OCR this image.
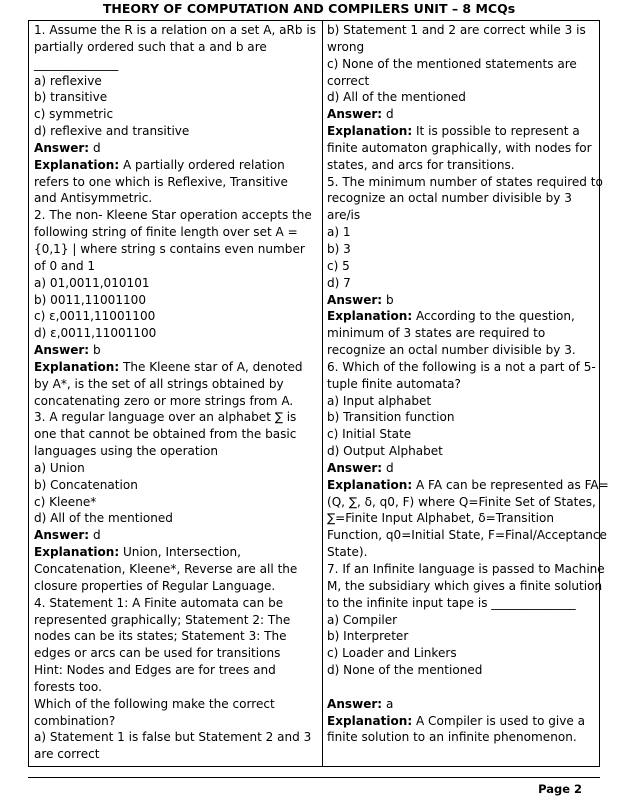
THEORY OF COMPUTATION AND COMPILERS UNIT – 8 MCQs
1. Assume the R is a relation on a set A, aRb is
partially ordered such that a and b are
______________
a) reflexive
b) transitive
c) symmetric
d) reflexive and transitive
Answer: d
Explanation: A partially ordered relation
refers to one which is Reflexive, Transitive
and Antisymmetric.
2. The non- Kleene Star operation accepts the
following string of finite length over set A =
{0,1} | where string s contains even number
of 0 and 1
a) 01,0011,010101
b) 0011,11001100
c) ε,0011,11001100
d) ε,0011,11001100
Answer: b
Explanation: The Kleene star of A, denoted
by A*, is the set of all strings obtained by
concatenating zero or more strings from A.
3. A regular language over an alphabet ∑ is
one that cannot be obtained from the basic
languages using the operation
a) Union
b) Concatenation
c) Kleene*
d) All of the mentioned
Answer: d
Explanation: Union, Intersection,
Concatenation, Kleene*, Reverse are all the
closure properties of Regular Language.
4. Statement 1: A Finite automata can be
represented graphically; Statement 2: The
nodes can be its states; Statement 3: The
edges or arcs can be used for transitions
Hint: Nodes and Edges are for trees and
forests too.
Which of the following make the correct
combination?
a) Statement 1 is false but Statement 2 and 3
are correct
b) Statement 1 and 2 are correct while 3 is
wrong
c) None of the mentioned statements are
correct
d) All of the mentioned
Answer: d
Explanation: It is possible to represent a
finite automaton graphically, with nodes for
states, and arcs for transitions.
5. The minimum number of states required to
recognize an octal number divisible by 3
are/is
a) 1
b) 3
c) 5
d) 7
Answer: b
Explanation: According to the question,
minimum of 3 states are required to
recognize an octal number divisible by 3.
6. Which of the following is a not a part of 5-
tuple finite automata?
a) Input alphabet
b) Transition function
c) Initial State
d) Output Alphabet
Answer: d
Explanation: A FA can be represented as FA=
(Q, ∑, δ, q0, F) where Q=Finite Set of States,
∑=Finite Input Alphabet, δ=Transition
Function, q0=Initial State, F=Final/Acceptance
State).
7. If an Infinite language is passed to Machine
M, the subsidiary which gives a finite solution
to the infinite input tape is ______________
a) Compiler
b) Interpreter
c) Loader and Linkers
d) None of the mentioned
Answer: a
Explanation: A Compiler is used to give a
finite solution to an infinite phenomenon.
Page 2
